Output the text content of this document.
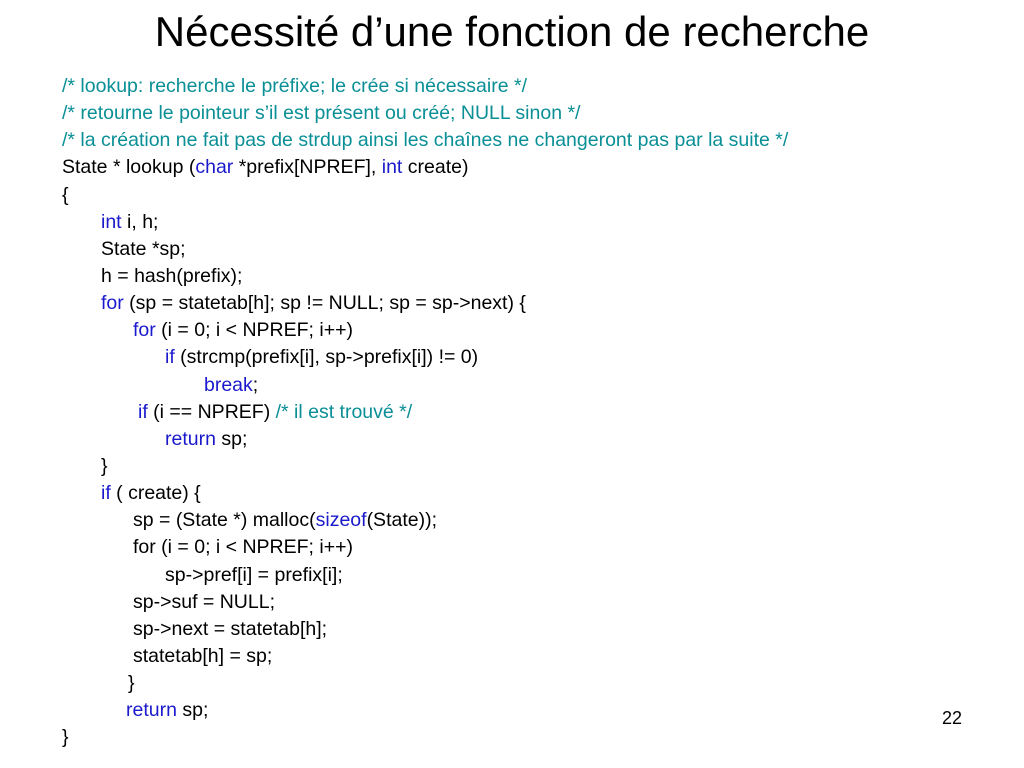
Nécessité d’une fonction de recherche
/* lookup: recherche le préfixe; le crée si nécessaire */
/* retourne le pointeur s’il est présent ou créé; NULL sinon */
/* la création ne fait pas de strdup ainsi les chaînes ne changeront pas par la suite */
State * lookup (char *prefix[NPREF], int create)
{
int i, h;
State *sp;
h = hash(prefix);
for (sp = statetab[h]; sp != NULL; sp = sp->next) {
for (i = 0; i < NPREF; i++)
if (strcmp(prefix[i], sp->prefix[i]) != 0)
break;
if (i == NPREF) /* il est trouvé */
return sp;
}
if ( create) {
sp = (State *) malloc(sizeof(State));
for (i = 0; i < NPREF; i++)
sp->pref[i] = prefix[i];
sp->suf = NULL;
sp->next = statetab[h];
statetab[h] = sp;
}
return sp;
}
22
